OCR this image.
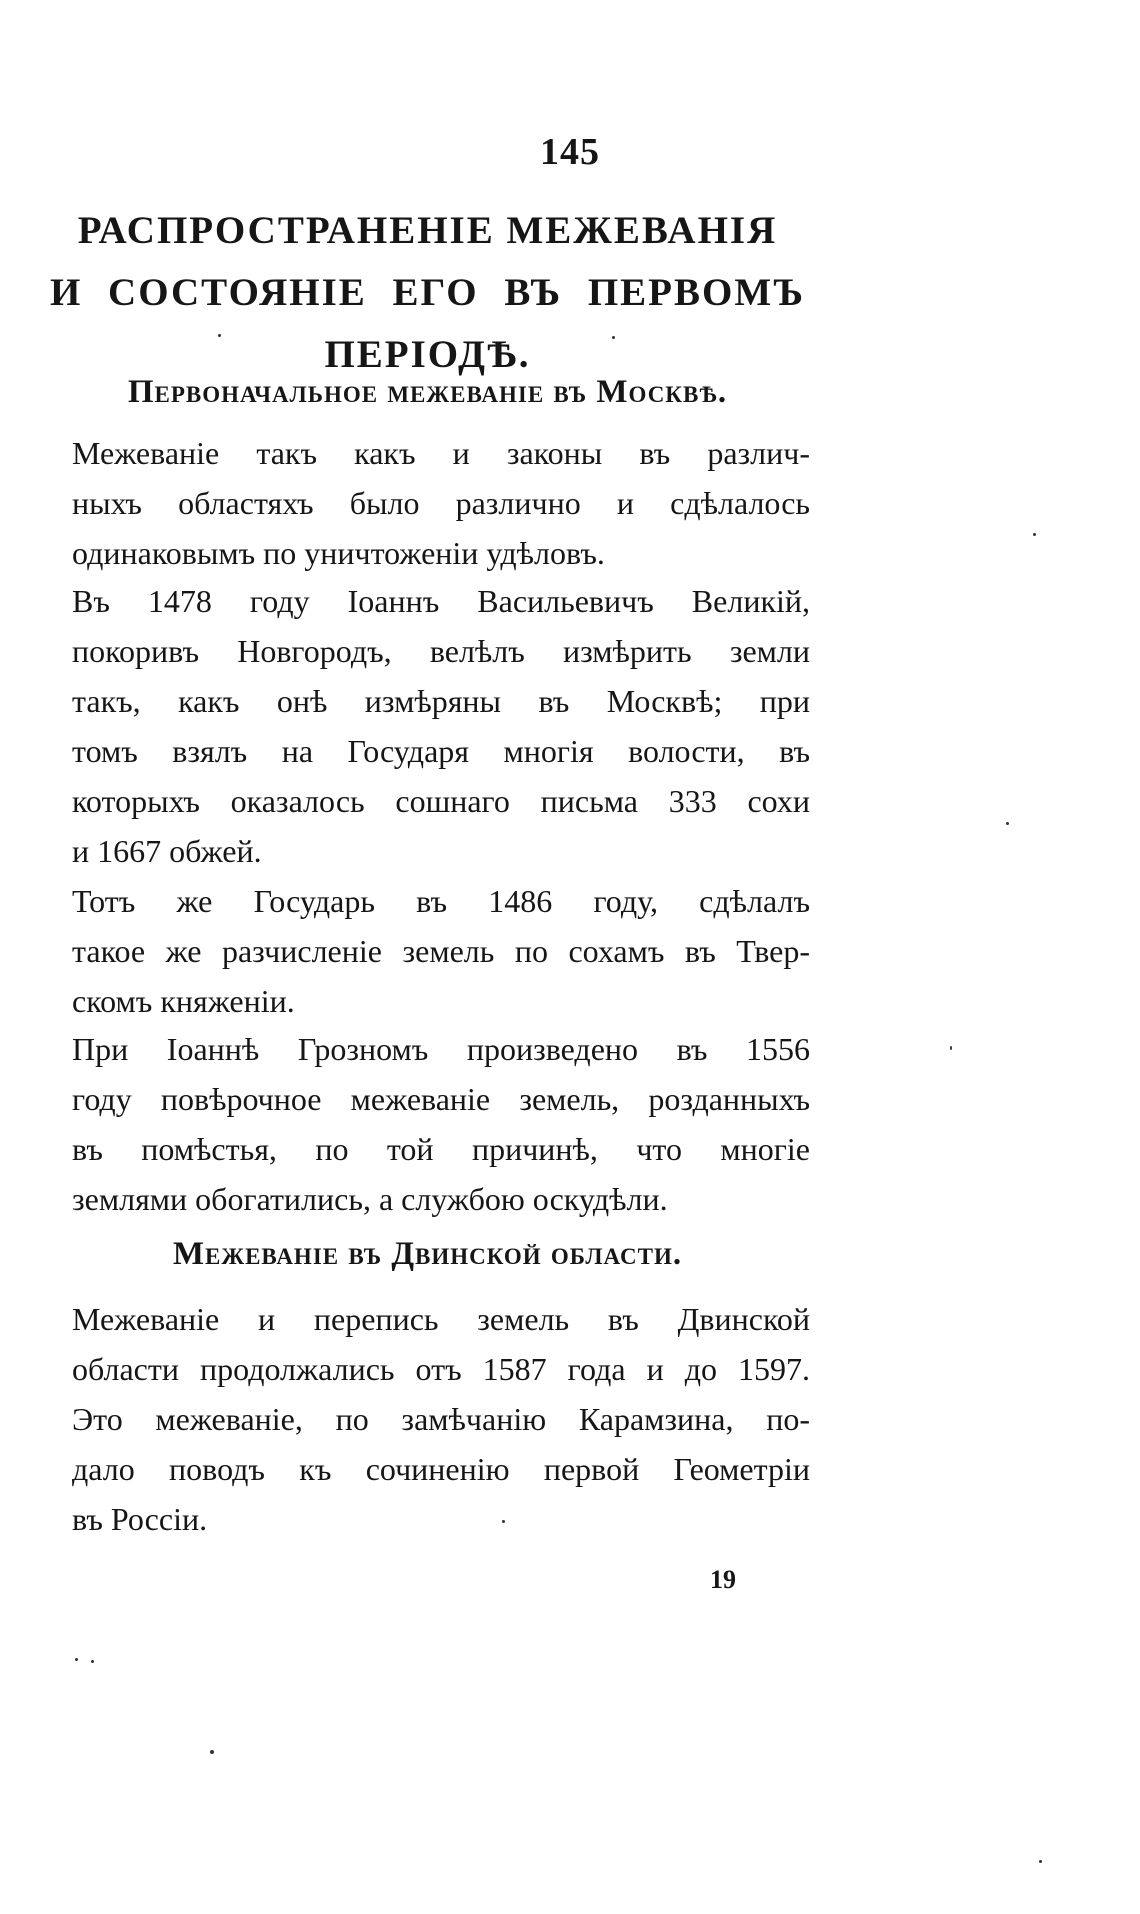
145
РАСПРОСТРАНЕНІЕ МЕЖЕВАНІЯ
И СОСТОЯНІЕ ЕГО ВЪ ПЕРВОМЪ
ПЕРІОДѢ.
Первоначальное межеваніе въ Москвѣ.
Межеваніе такъ какъ и законы въ различ-
ныхъ областяхъ было различно и сдѣлалось
одинаковымъ по уничтоженіи удѣловъ.
Въ 1478 году Іоаннъ Васильевичъ Великій,
покоривъ Новгородъ, велѣлъ измѣрить земли
такъ, какъ онѣ измѣряны въ Москвѣ; при
томъ взялъ на Государя многія волости, въ
которыхъ оказалось сошнаго письма 333 сохи
и 1667 обжей.
Тотъ же Государь въ 1486 году, сдѣлалъ
такое же разчисленіе земель по сохамъ въ Твер-
скомъ княженіи.
При Іоаннѣ Грозномъ произведено въ 1556
году повѣрочное межеваніе земель, розданныхъ
въ помѣстья, по той причинѣ, что многіе
землями обогатились, а службою оскудѣли.
Межеваніе въ Двинской области.
Межеваніе и перепись земель въ Двинской
области продолжались отъ 1587 года и до 1597.
Это межеваніе, по замѣчанію Карамзина, по-
дало поводъ къ сочиненію первой Геометріи
въ Россіи.
19
